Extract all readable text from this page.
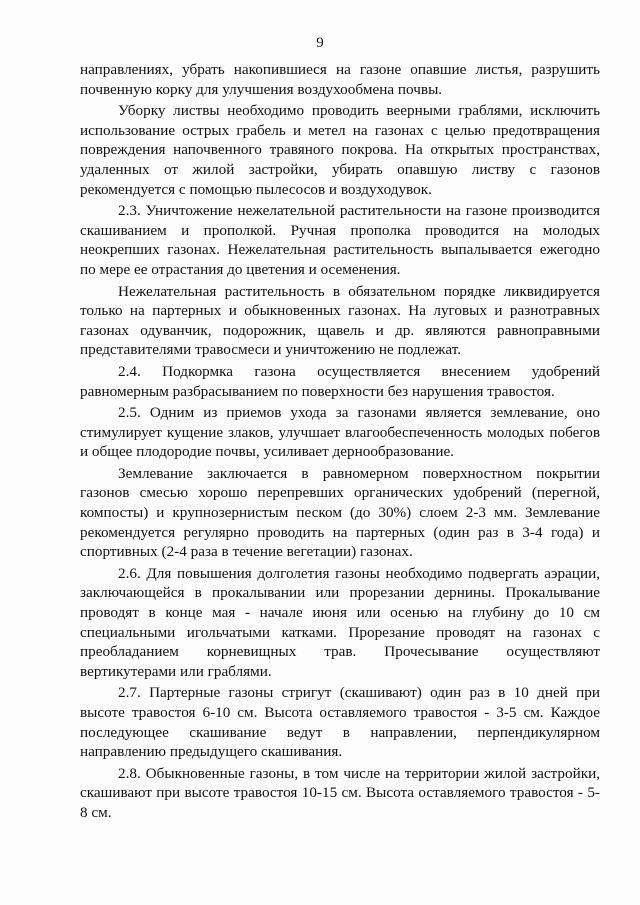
9

направлениях, убрать накопившиеся на газоне опавшие листья, разрушить почвенную корку для улучшения воздухообмена почвы.

Уборку листвы необходимо проводить веерными граблями, исключить использование острых грабель и метел на газонах с целью предотвращения повреждения напочвенного травяного покрова. На открытых пространствах, удаленных от жилой застройки, убирать опавшую листву с газонов рекомендуется с помощью пылесосов и воздуходувок.

2.3. Уничтожение нежелательной растительности на газоне производится скашиванием и прополкой. Ручная прополка проводится на молодых неокрепших газонах. Нежелательная растительность выпалывается ежегодно по мере ее отрастания до цветения и осеменения.

Нежелательная растительность в обязательном порядке ликвидируется только на партерных и обыкновенных газонах. На луговых и разнотравных газонах одуванчик, подорожник, щавель и др. являются равноправными представителями травосмеси и уничтожению не подлежат.

2.4. Подкормка газона осуществляется внесением удобрений равномерным разбрасыванием по поверхности без нарушения травостоя.

2.5. Одним из приемов ухода за газонами является землевание, оно стимулирует кущение злаков, улучшает влагообеспеченность молодых побегов и общее плодородие почвы, усиливает дернообразование.

Землевание заключается в равномерном поверхностном покрытии газонов смесью хорошо перепревших органических удобрений (перегной, компосты) и крупнозернистым песком (до 30%) слоем 2-3 мм. Землевание рекомендуется регулярно проводить на партерных (один раз в 3-4 года) и спортивных (2-4 раза в течение вегетации) газонах.

2.6. Для повышения долголетия газоны необходимо подвергать аэрации, заключающейся в прокалывании или прорезании дернины. Прокалывание проводят в конце мая - начале июня или осенью на глубину до 10 см специальными игольчатыми катками. Прорезание проводят на газонах с преобладанием корневищных трав. Прочесывание осуществляют вертикутерами или граблями.

2.7. Партерные газоны стригут (скашивают) один раз в 10 дней при высоте травостоя 6-10 см. Высота оставляемого травостоя - 3-5 см. Каждое последующее скашивание ведут в направлении, перпендикулярном направлению предыдущего скашивания.

2.8. Обыкновенные газоны, в том числе на территории жилой застройки, скашивают при высоте травостоя 10-15 см. Высота оставляемого травостоя - 5-8 см.
